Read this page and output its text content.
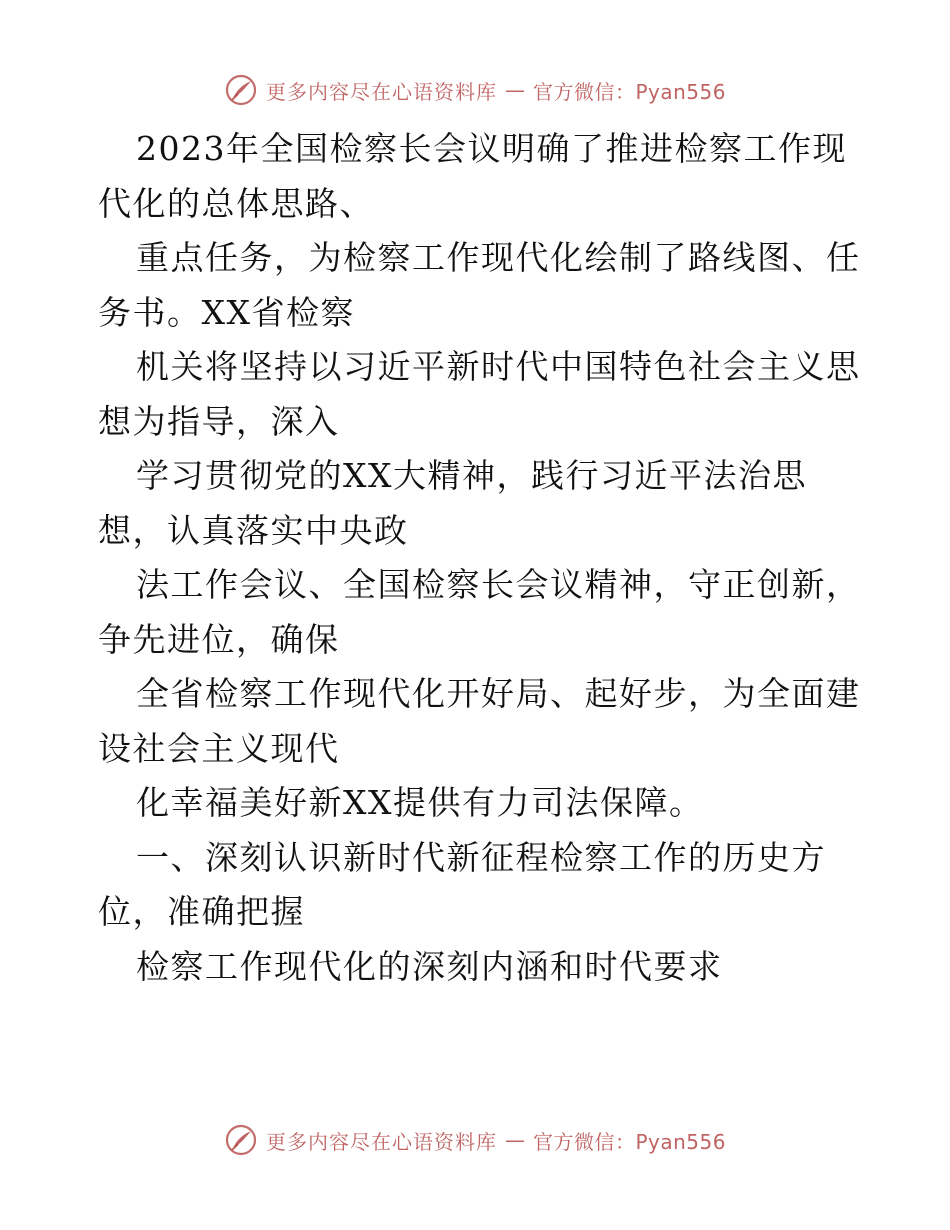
更多内容尽在心语资料库 — 官方微信：Pyan556
2023年全国检察长会议明确了推进检察工作现
代化的总体思路、
重点任务，为检察工作现代化绘制了路线图、任
务书。XX省检察
机关将坚持以习近平新时代中国特色社会主义思
想为指导，深入
学习贯彻党的XX大精神，践行习近平法治思
想，认真落实中央政
法工作会议、全国检察长会议精神，守正创新，
争先进位，确保
全省检察工作现代化开好局、起好步，为全面建
设社会主义现代
化幸福美好新XX提供有力司法保障。
一、深刻认识新时代新征程检察工作的历史方
位，准确把握
检察工作现代化的深刻内涵和时代要求
更多内容尽在心语资料库 — 官方微信：Pyan556
